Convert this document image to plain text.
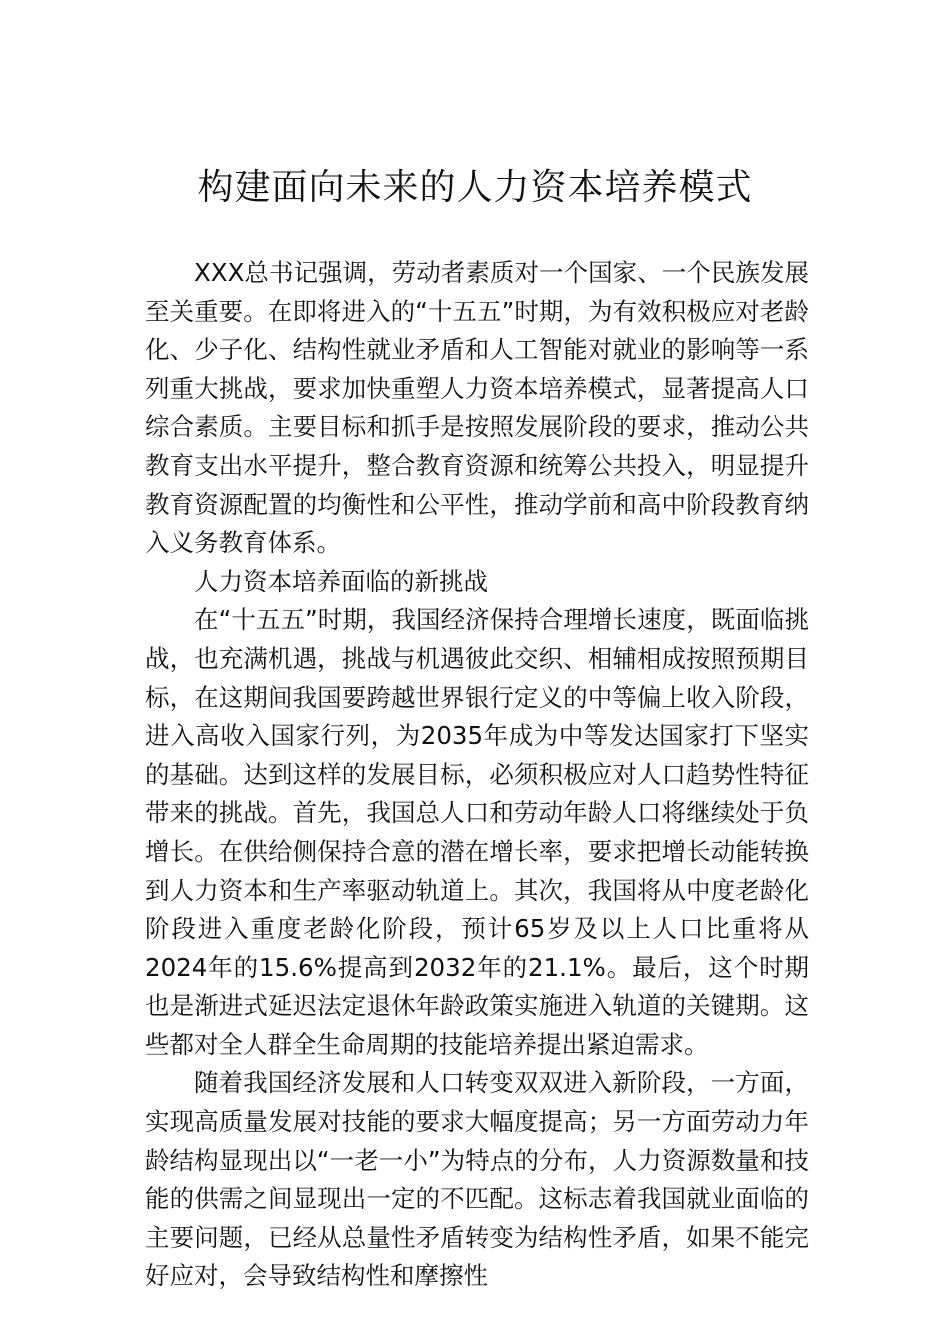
构建面向未来的人力资本培养模式

XXX总书记强调，劳动者素质对一个国家、一个民族发展至关重要。在即将进入的“十五五”时期，为有效积极应对老龄化、少子化、结构性就业矛盾和人工智能对就业的影响等一系列重大挑战，要求加快重塑人力资本培养模式，显著提高人口综合素质。主要目标和抓手是按照发展阶段的要求，推动公共教育支出水平提升，整合教育资源和统筹公共投入，明显提升教育资源配置的均衡性和公平性，推动学前和高中阶段教育纳入义务教育体系。

人力资本培养面临的新挑战

在“十五五”时期，我国经济保持合理增长速度，既面临挑战，也充满机遇，挑战与机遇彼此交织、相辅相成按照预期目标，在这期间我国要跨越世界银行定义的中等偏上收入阶段，进入高收入国家行列，为2035年成为中等发达国家打下坚实的基础。达到这样的发展目标，必须积极应对人口趋势性特征带来的挑战。首先，我国总人口和劳动年龄人口将继续处于负增长。在供给侧保持合意的潜在增长率，要求把增长动能转换到人力资本和生产率驱动轨道上。其次，我国将从中度老龄化阶段进入重度老龄化阶段，预计65岁及以上人口比重将从2024年的15.6%提高到2032年的21.1%。最后，这个时期也是渐进式延迟法定退休年龄政策实施进入轨道的关键期。这些都对全人群全生命周期的技能培养提出紧迫需求。

随着我国经济发展和人口转变双双进入新阶段，一方面，实现高质量发展对技能的要求大幅度提高；另一方面劳动力年龄结构显现出以“一老一小”为特点的分布，人力资源数量和技能的供需之间显现出一定的不匹配。这标志着我国就业面临的主要问题，已经从总量性矛盾转变为结构性矛盾，如果不能完好应对，会导致结构性和摩擦性
